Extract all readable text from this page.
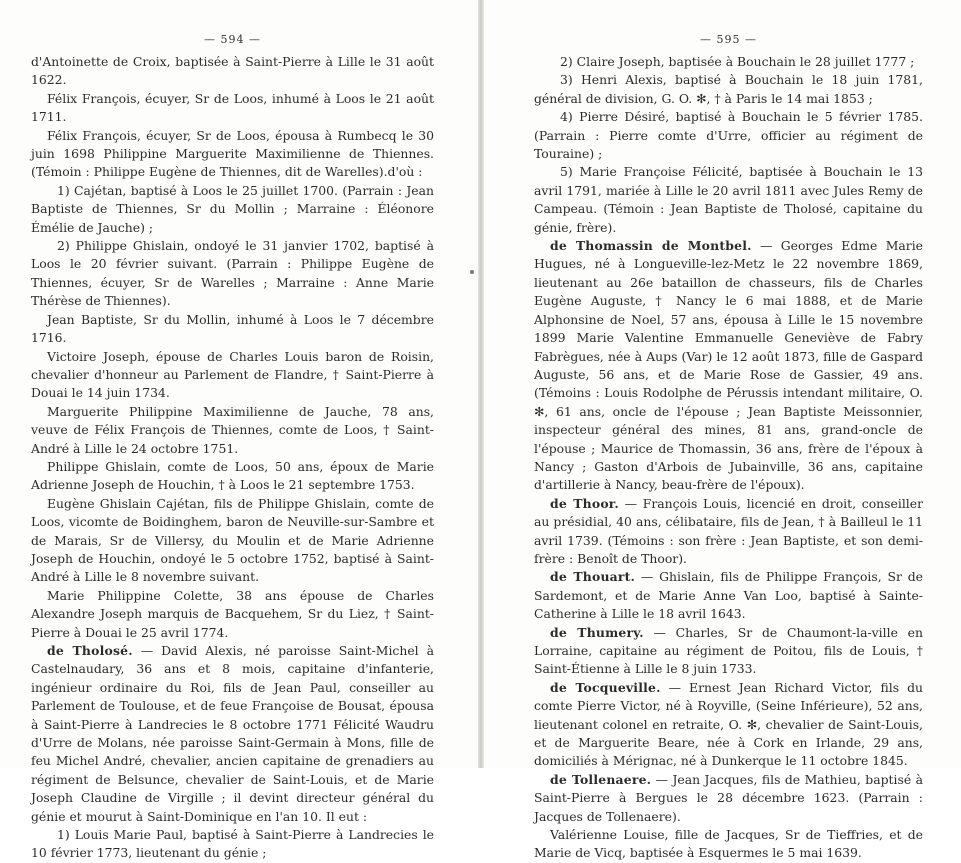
— 594 —

d'Antoinette de Croix, baptisée à Saint-Pierre à Lille le 31 août 1622.

Félix François, écuyer, Sr de Loos, inhumé à Loos le 21 août 1711.

Félix François, écuyer, Sr de Loos, épousa à Rumbecq le 30 juin 1698 Philippine Marguerite Maximilienne de Thiennes. (Témoin : Philippe Eugène de Thiennes, dit de Warelles).d'où :

1) Cajétan, baptisé à Loos le 25 juillet 1700. (Parrain : Jean Baptiste de Thiennes, Sr du Mollin ; Marraine : Éléonore Émélie de Jauche) ;

2) Philippe Ghislain, ondoyé le 31 janvier 1702, baptisé à Loos le 20 février suivant. (Parrain : Philippe Eugène de Thiennes, écuyer, Sr de Warelles ; Marraine : Anne Marie Thérèse de Thiennes).

Jean Baptiste, Sr du Mollin, inhumé à Loos le 7 décembre 1716.

Victoire Joseph, épouse de Charles Louis baron de Roisin, chevalier d'honneur au Parlement de Flandre, † Saint-Pierre à Douai le 14 juin 1734.

Marguerite Philippine Maximilienne de Jauche, 78 ans, veuve de Félix François de Thiennes, comte de Loos, † Saint-André à Lille le 24 octobre 1751.

Philippe Ghislain, comte de Loos, 50 ans, époux de Marie Adrienne Joseph de Houchin, † à Loos le 21 septembre 1753.

Eugène Ghislain Cajétan, fils de Philippe Ghislain, comte de Loos, vicomte de Boidinghem, baron de Neuville-sur-Sambre et de Marais, Sr de Villersy, du Moulin et de Marie Adrienne Joseph de Houchin, ondoyé le 5 octobre 1752, baptisé à Saint-André à Lille le 8 novembre suivant.

Marie Philippine Colette, 38 ans épouse de Charles Alexandre Joseph marquis de Bacquehem, Sr du Liez, † Saint-Pierre à Douai le 25 avril 1774.

de Tholosé. — David Alexis, né paroisse Saint-Michel à Castelnaudary, 36 ans et 8 mois, capitaine d'infanterie, ingénieur ordinaire du Roi, fils de Jean Paul, conseiller au Parlement de Toulouse, et de feue Françoise de Bousat, épousa à Saint-Pierre à Landrecies le 8 octobre 1771 Félicité Waudru d'Urre de Molans, née paroisse Saint-Germain à Mons, fille de feu Michel André, chevalier, ancien capitaine de grenadiers au régiment de Belsunce, chevalier de Saint-Louis, et de Marie Joseph Claudine de Virgille ; il devint directeur général du génie et mourut à Saint-Dominique en l'an 10. Il eut :

1) Louis Marie Paul, baptisé à Saint-Pierre à Landrecies le 10 février 1773, lieutenant du génie ;

— 595 —

2) Claire Joseph, baptisée à Bouchain le 28 juillet 1777 ;

3) Henri Alexis, baptisé à Bouchain le 18 juin 1781, général de division, G. O. ✻, † à Paris le 14 mai 1853 ;

4) Pierre Désiré, baptisé à Bouchain le 5 février 1785. (Parrain : Pierre comte d'Urre, officier au régiment de Touraine) ;

5) Marie Françoise Félicité, baptisée à Bouchain le 13 avril 1791, mariée à Lille le 20 avril 1811 avec Jules Remy de Campeau. (Témoin : Jean Baptiste de Tholosé, capitaine du génie, frère).

de Thomassin de Montbel. — Georges Edme Marie Hugues, né à Longueville-lez-Metz le 22 novembre 1869, lieutenant au 26e bataillon de chasseurs, fils de Charles Eugène Auguste, † Nancy le 6 mai 1888, et de Marie Alphonsine de Noel, 57 ans, épousa à Lille le 15 novembre 1899 Marie Valentine Emmanuelle Geneviève de Fabry Fabrègues, née à Aups (Var) le 12 août 1873, fille de Gaspard Auguste, 56 ans, et de Marie Rose de Gassier, 49 ans. (Témoins : Louis Rodolphe de Pérussis intendant militaire, O. ✻, 61 ans, oncle de l'épouse ; Jean Baptiste Meissonnier, inspecteur général des mines, 81 ans, grand-oncle de l'épouse ; Maurice de Thomassin, 36 ans, frère de l'époux à Nancy ; Gaston d'Arbois de Jubainville, 36 ans, capitaine d'artillerie à Nancy, beau-frère de l'époux).

de Thoor. — François Louis, licencié en droit, conseiller au présidial, 40 ans, célibataire, fils de Jean, † à Bailleul le 11 avril 1739. (Témoins : son frère : Jean Baptiste, et son demi-frère : Benoît de Thoor).

de Thouart. — Ghislain, fils de Philippe François, Sr de Sardemont, et de Marie Anne Van Loo, baptisé à Sainte-Catherine à Lille le 18 avril 1643.

de Thumery. — Charles, Sr de Chaumont-la-ville en Lorraine, capitaine au régiment de Poitou, fils de Louis, † Saint-Étienne à Lille le 8 juin 1733.

de Tocqueville. — Ernest Jean Richard Victor, fils du comte Pierre Victor, né à Royville, (Seine Inférieure), 52 ans, lieutenant colonel en retraite, O. ✻, chevalier de Saint-Louis, et de Marguerite Beare, née à Cork en Irlande, 29 ans, domiciliés à Mérignac, né à Dunkerque le 11 octobre 1845.

de Tollenaere. — Jean Jacques, fils de Mathieu, baptisé à Saint-Pierre à Bergues le 28 décembre 1623. (Parrain : Jacques de Tollenaere).

Valérienne Louise, fille de Jacques, Sr de Tieffries, et de Marie de Vicq, baptisée à Esquermes le 5 mai 1639.
